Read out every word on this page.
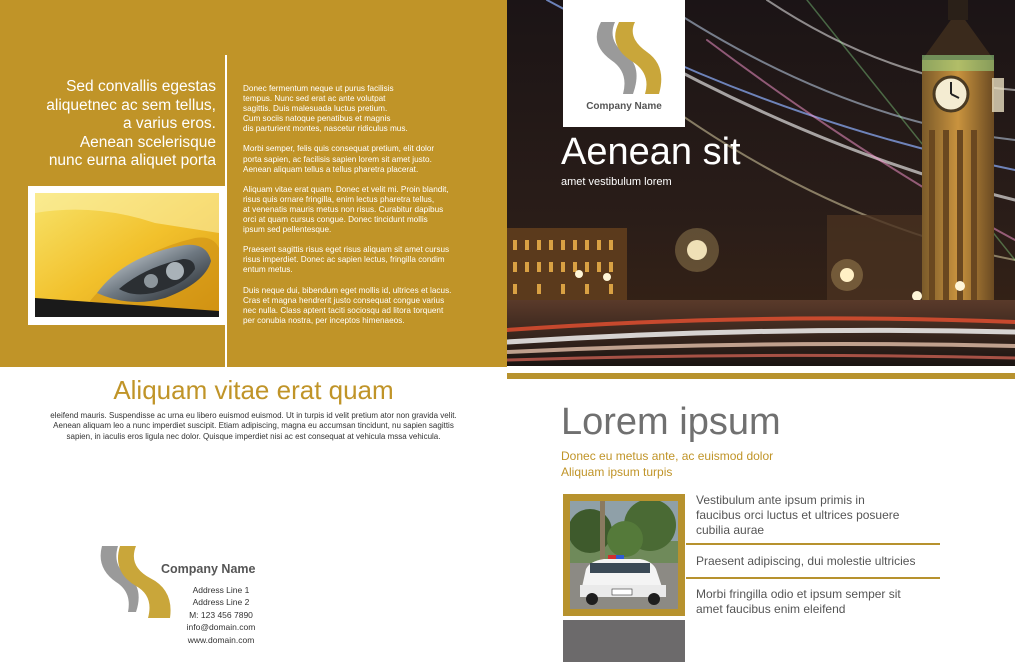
Sed convallis egestas
aliquetnec ac sem tellus,
a varius eros.
Aenean scelerisque
nunc eurna aliquet porta

Donec fermentum neque ut purus facilisis
tempus. Nunc sed erat ac ante volutpat
sagittis. Duis malesuada luctus pretium.
Cum sociis natoque penatibus et magnis
dis parturient montes, nascetur ridiculus mus.

Morbi semper, felis quis consequat pretium, elit dolor
porta sapien, ac facilisis sapien lorem sit amet justo.
Aenean aliquam tellus a tellus pharetra placerat.

Aliquam vitae erat quam. Donec et velit mi. Proin blandit,
risus quis ornare fringilla, enim lectus pharetra tellus,
at venenatis mauris metus non risus. Curabitur dapibus
orci at quam cursus congue. Donec tincidunt mollis
ipsum sed pellentesque.

Praesent sagittis risus eget risus aliquam sit amet cursus
risus imperdiet. Donec ac sapien lectus, fringilla condim
entum metus.

Duis neque dui, bibendum eget mollis id, ultrices et lacus.
Cras et magna hendrerit justo consequat congue varius
nec nulla. Class aptent taciti sociosqu ad litora torquent
per conubia nostra, per inceptos himenaeos.

Company Name
Aenean sit
amet vestibulum lorem
Aliquam vitae erat quam
eleifend mauris. Suspendisse ac urna eu libero euismod euismod. Ut in turpis id velit pretium ator non gravida velit.
Aenean aliquam leo a nunc imperdiet suscipit. Etiam adipiscing, magna eu accumsan tincidunt, nu sapien sagittis
sapien, in iaculis eros ligula nec dolor. Quisque imperdiet nisi ac est consequat at vehicula mssa vehicula.
Company Name
Address Line 1
Address Line 2
M: 123 456 7890
info@domain.com
www.domain.com
Lorem ipsum
Donec eu metus ante, ac euismod dolor
Aliquam ipsum turpis
Vestibulum ante ipsum primis in
faucibus orci luctus et ultrices posuere
cubilia aurae
Praesent adipiscing, dui molestie ultricies
Morbi fringilla odio et ipsum semper sit
amet faucibus enim eleifend
